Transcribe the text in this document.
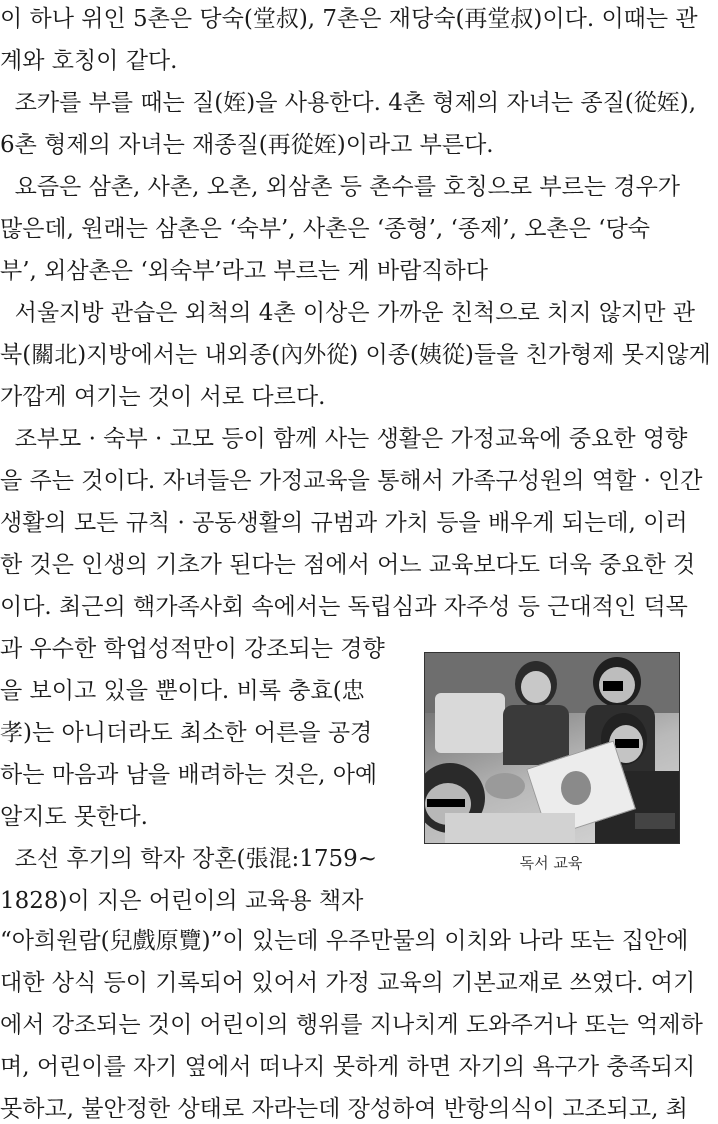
이 하나 위인 5촌은 당숙(堂叔), 7촌은 재당숙(再堂叔)이다. 이때는 관
계와 호칭이 같다.
조카를 부를 때는 질(姪)을 사용한다. 4촌 형제의 자녀는 종질(從姪),
6촌 형제의 자녀는 재종질(再從姪)이라고 부른다.
요즘은 삼촌, 사촌, 오촌, 외삼촌 등 촌수를 호칭으로 부르는 경우가
많은데, 원래는 삼촌은 ‘숙부’, 사촌은 ‘종형’, ‘종제’, 오촌은 ‘당숙
부’, 외삼촌은 ‘외숙부’라고 부르는 게 바람직하다
서울지방 관습은 외척의 4촌 이상은 가까운 친척으로 치지 않지만 관
북(關北)지방에서는 내외종(內外從) 이종(姨從)들을 친가형제 못지않게
가깝게 여기는 것이 서로 다르다.
조부모 · 숙부 · 고모 등이 함께 사는 생활은 가정교육에 중요한 영향
을 주는 것이다. 자녀들은 가정교육을 통해서 가족구성원의 역할 · 인간
생활의 모든 규칙 · 공동생활의 규범과 가치 등을 배우게 되는데, 이러
한 것은 인생의 기초가 된다는 점에서 어느 교육보다도 더욱 중요한 것
이다. 최근의 핵가족사회 속에서는 독립심과 자주성 등 근대적인 덕목
과 우수한 학업성적만이 강조되는 경향
을 보이고 있을 뿐이다. 비록 충효(忠
孝)는 아니더라도 최소한 어른을 공경
하는 마음과 남을 배려하는 것은, 아예
알지도 못한다.
조선 후기의 학자 장혼(張混:1759~
1828)이 지은 어린이의 교육용 책자
“아희원람(兒戲原覽)”이 있는데 우주만물의 이치와 나라 또는 집안에
대한 상식 등이 기록되어 있어서 가정 교육의 기본교재로 쓰였다. 여기
에서 강조되는 것이 어린이의 행위를 지나치게 도와주거나 또는 억제하
며, 어린이를 자기 옆에서 떠나지 못하게 하면 자기의 욕구가 충족되지
못하고, 불안정한 상태로 자라는데 장성하여 반항의식이 고조되고, 최
독서 교육
